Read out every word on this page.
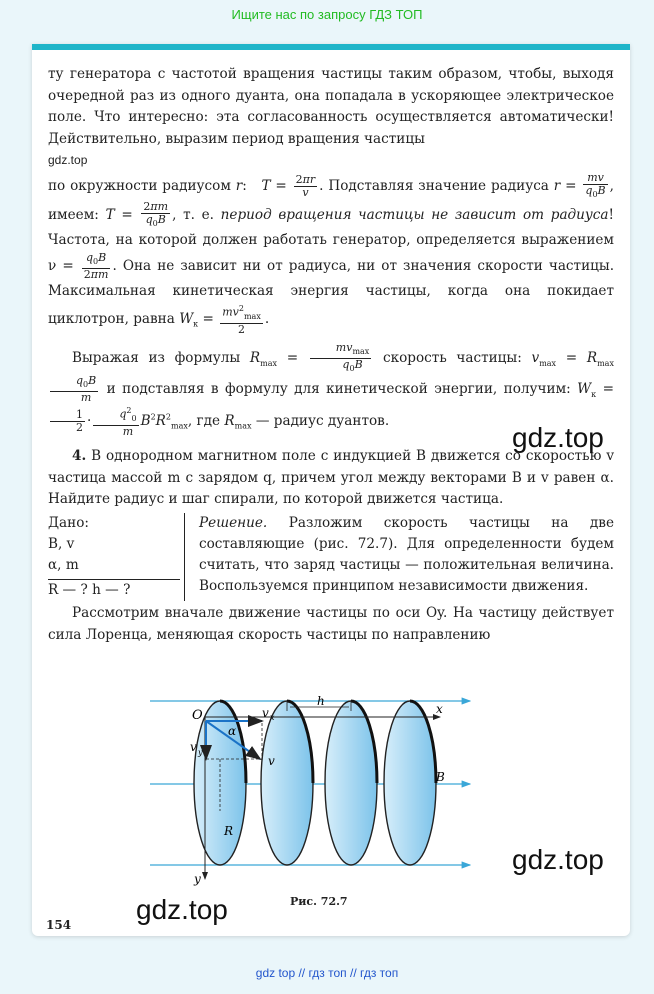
Ищите нас по запросу ГДЗ ТОП

ту генератора с частотой вращения частицы таким образом, чтобы, выходя очередной раз из одного дуанта, она попадала в ускоряющее электрическое поле. Что интересно: эта согласованность осуществляется автоматически! Действительно, выразим период вращения частицы
gdz.top
по окружности радиусом r:   $T = \frac{2\pi r}{v}$ . Подставляя значение радиуса $r = \frac{mv}{q_0B}$ , имеем: $T = \frac{2\pi m}{q_0B}$ , т. е. период вращения частицы не зависит от радиуса! Частота, на которой должен работать генератор, определяется выражением $\nu = \frac{q_0B}{2\pi m}$ . Она не зависит ни от радиуса, ни от значения скорости частицы. Максимальная кинетическая энергия частицы, когда она покидает циклотрон, равна $W_к = \frac{mv^2_{max}}{2}$ .

Выражая из формулы $R_{max} = \frac{mv_{max}}{q_0B}$ скорость частицы: $v_{max} = R_{max}$
$\frac{q_0B}{m}$ и подставляя в формулу для кинетической энергии, получим: $W_к$ =
$\frac{1}{2} \cdot \frac{q^2_0}{m} B^2R^2_{max}$, где $R_{max}$ — радиус дуантов.

4. В однородном магнитном поле с индукцией B движется со скоростью v частица массой m с зарядом q, причем угол между векторами B и v равен α. Найдите радиус и шаг спирали, по которой движется частица.

Дано:
B, v
α, m
R — ? h — ?
Решение. Разложим скорость частицы на две составляющие (рис. 72.7). Для определенности будем считать, что заряд частицы — положительная величина. Воспользуемся принципом независимости движения.

Рассмотрим вначале движение частицы по оси Oy. На частицу действует сила Лоренца, меняющая скорость частицы по направлению

O	v x
h
x
α
v y
v
B
R
y
Рис. 72.7
154
gdz.top
gdz.top
gdz.top
gdz top // гдз топ // гдз топ
